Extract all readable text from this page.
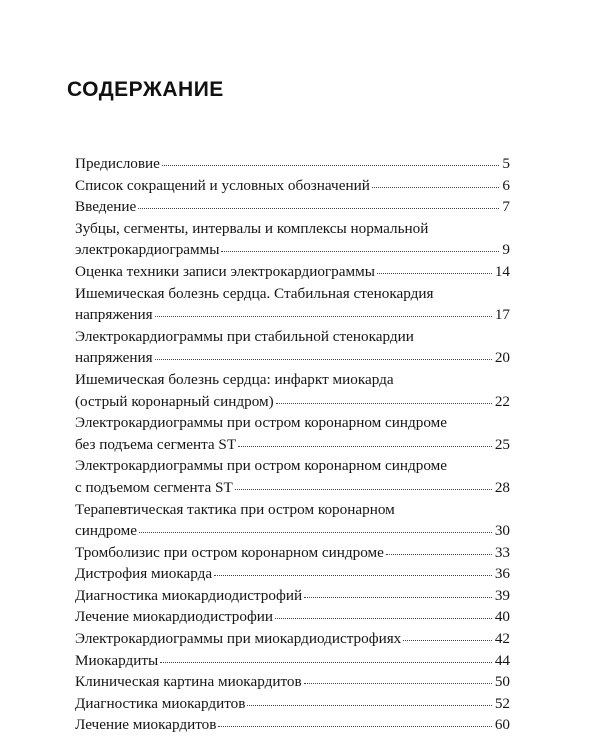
СОДЕРЖАНИЕ
Предисловие	5
Список сокращений и условных обозначений	6
Введение	7
Зубцы, сегменты, интервалы и комплексы нормальной
электрокардиограммы	9
Оценка техники записи электрокардиограммы	14
Ишемическая болезнь сердца. Стабильная стенокардия
напряжения	17
Электрокардиограммы при стабильной стенокардии
напряжения	20
Ишемическая болезнь сердца: инфаркт миокарда
(острый коронарный синдром)	22
Электрокардиограммы при остром коронарном синдроме
без подъема сегмента ST	25
Электрокардиограммы при остром коронарном синдроме
с подъемом сегмента ST	28
Терапевтическая тактика при остром коронарном
синдроме	30
Тромболизис при остром коронарном синдроме	33
Дистрофия миокарда	36
Диагностика миокардиодистрофий	39
Лечение миокардиодистрофии	40
Электрокардиограммы при миокардиодистрофиях	42
Миокардиты	44
Клиническая картина миокардитов	50
Диагностика миокардитов	52
Лечение миокардитов	60
